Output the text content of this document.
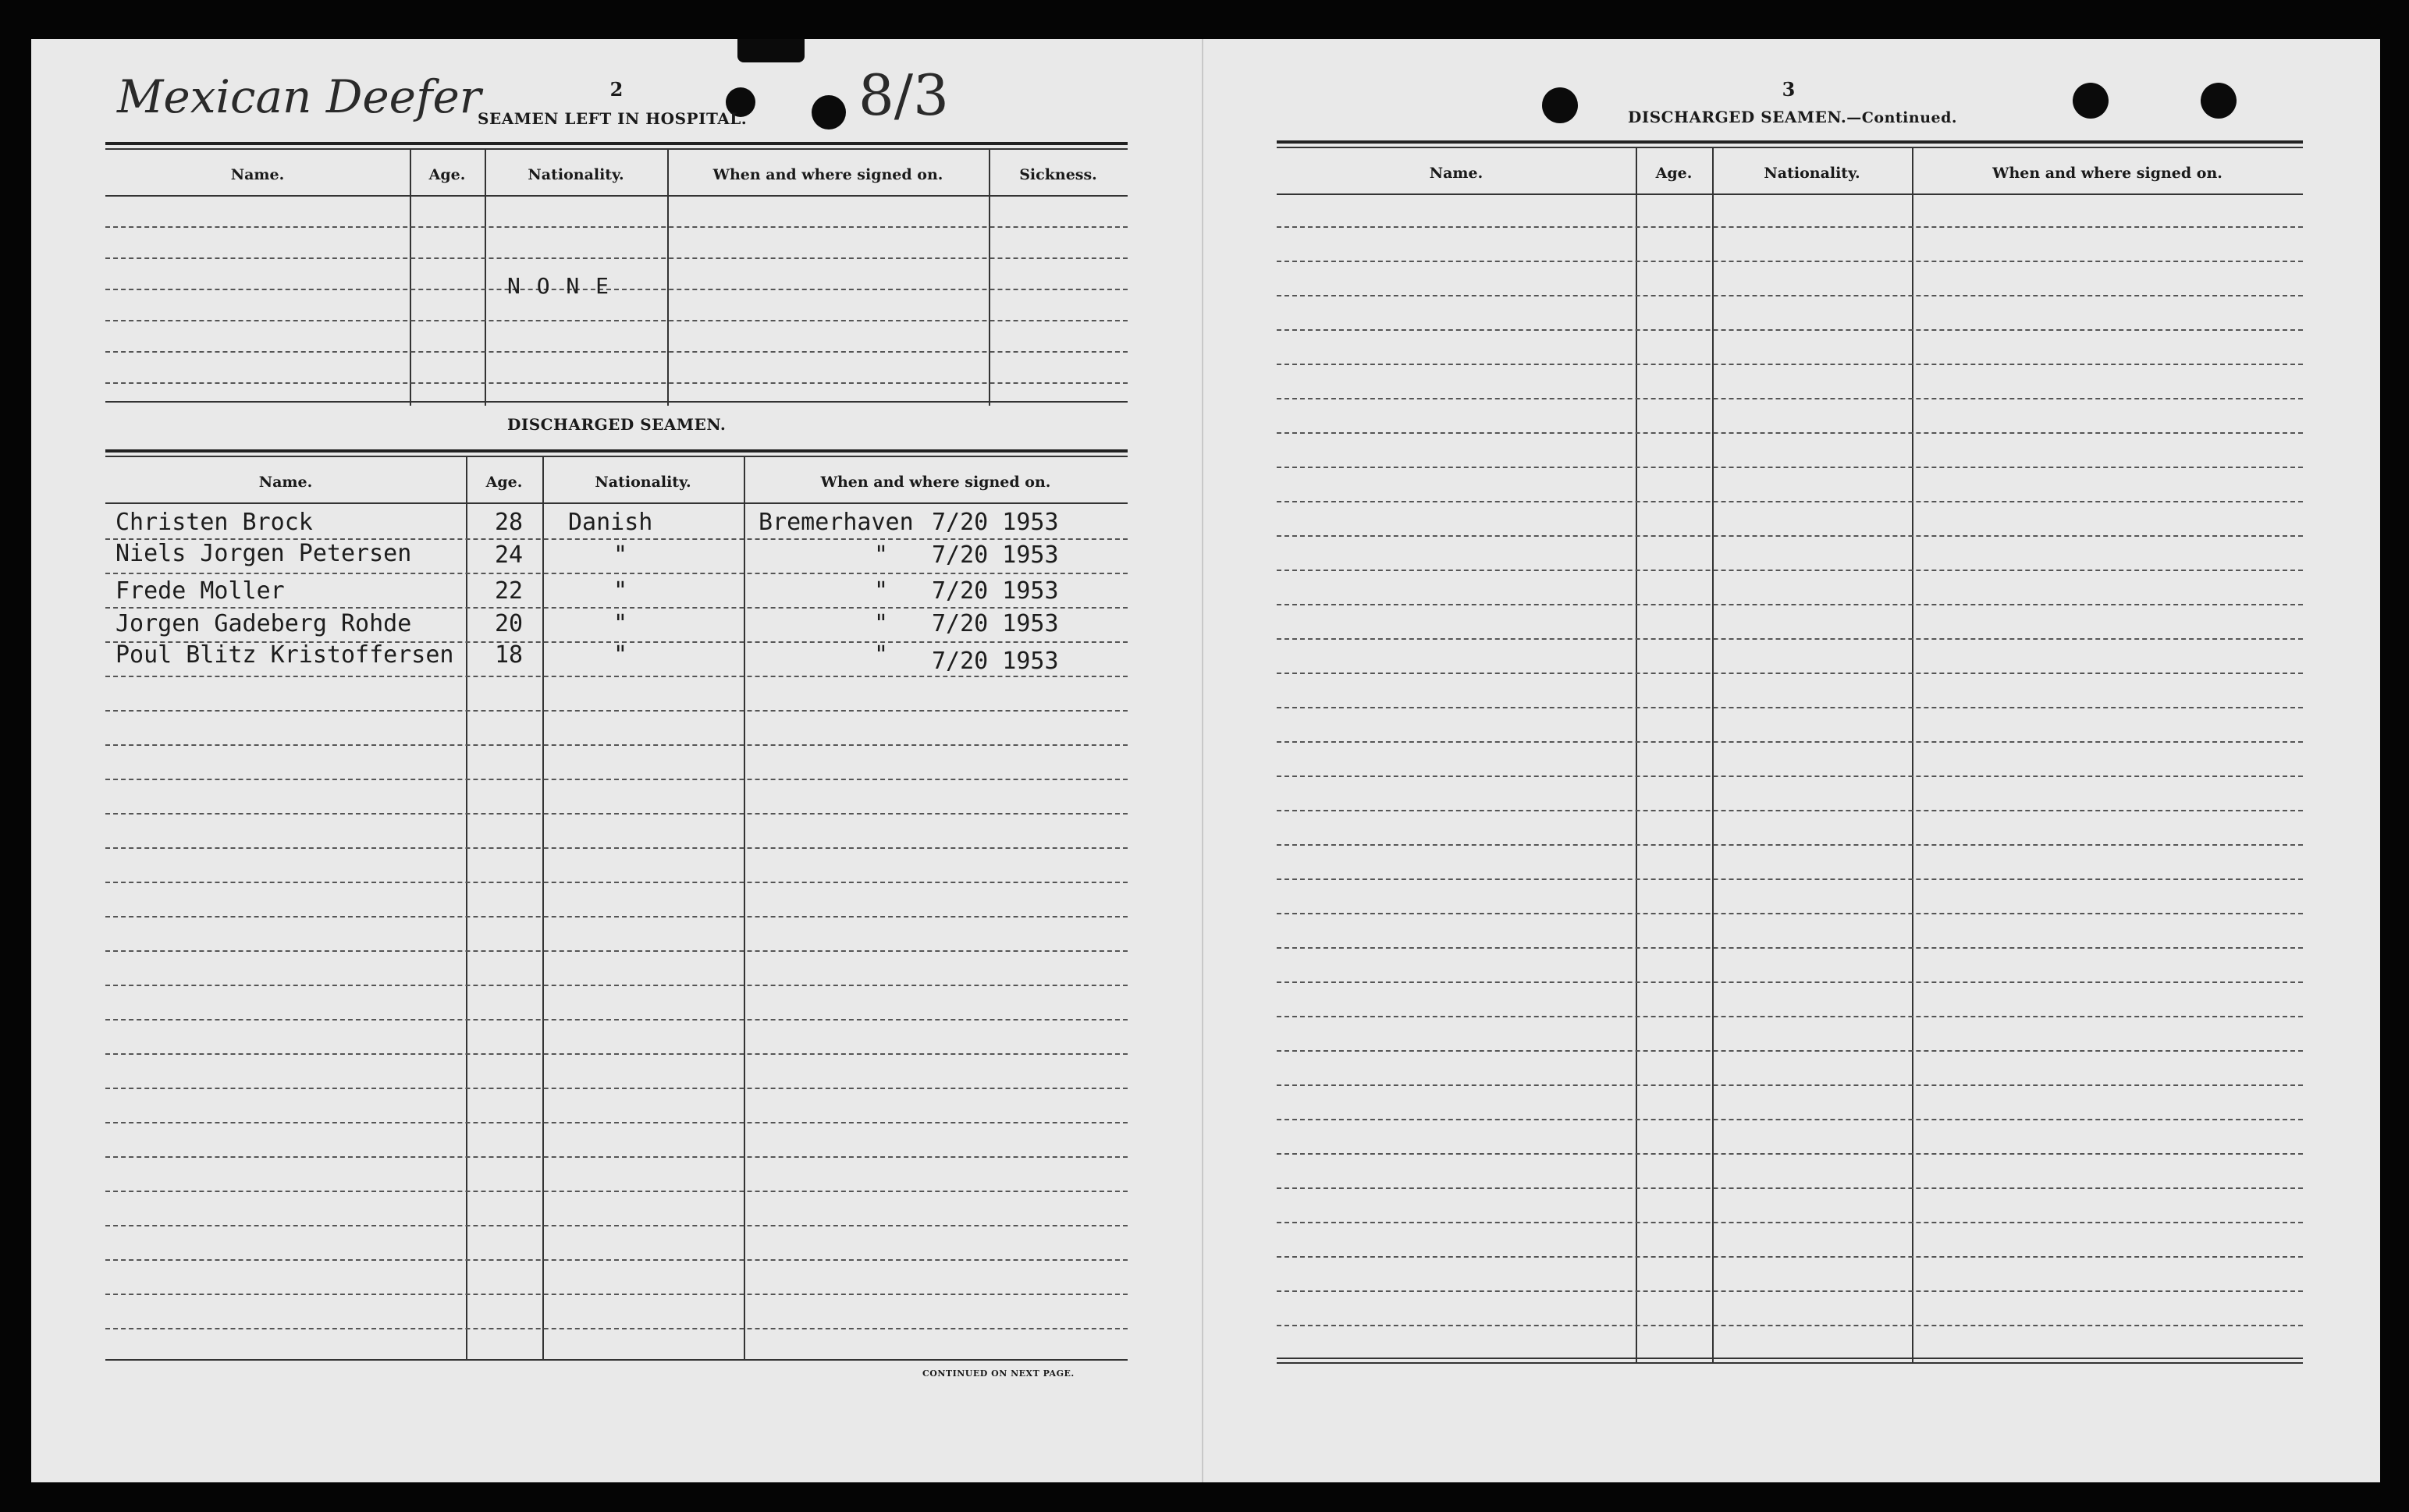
Mexican Deefer	2
SEAMEN LEFT IN HOSPITAL. 8/3
Name.	Age.	Nationality.	When and where signed on.	Sickness.
N O N E
DISCHARGED SEAMEN.
Name.	Age.	Nationality.	When and where signed on.
Christen Brock	28 Danish	Bremerhaven 7/20 1953
Niels Jorgen Petersen	24	"	" 7/20 1953
Frede Moller	22	"	" 7/20 1953
Jorgen Gadeberg Rohde	20	"	" 7/20 1953
Poul Blitz Kristoffersen 18	"	" 7/20 1953
CONTINUED ON NEXT PAGE.
3
DISCHARGED SEAMEN.—Continued.
Name.	Age.	Nationality.	When and where signed on.
